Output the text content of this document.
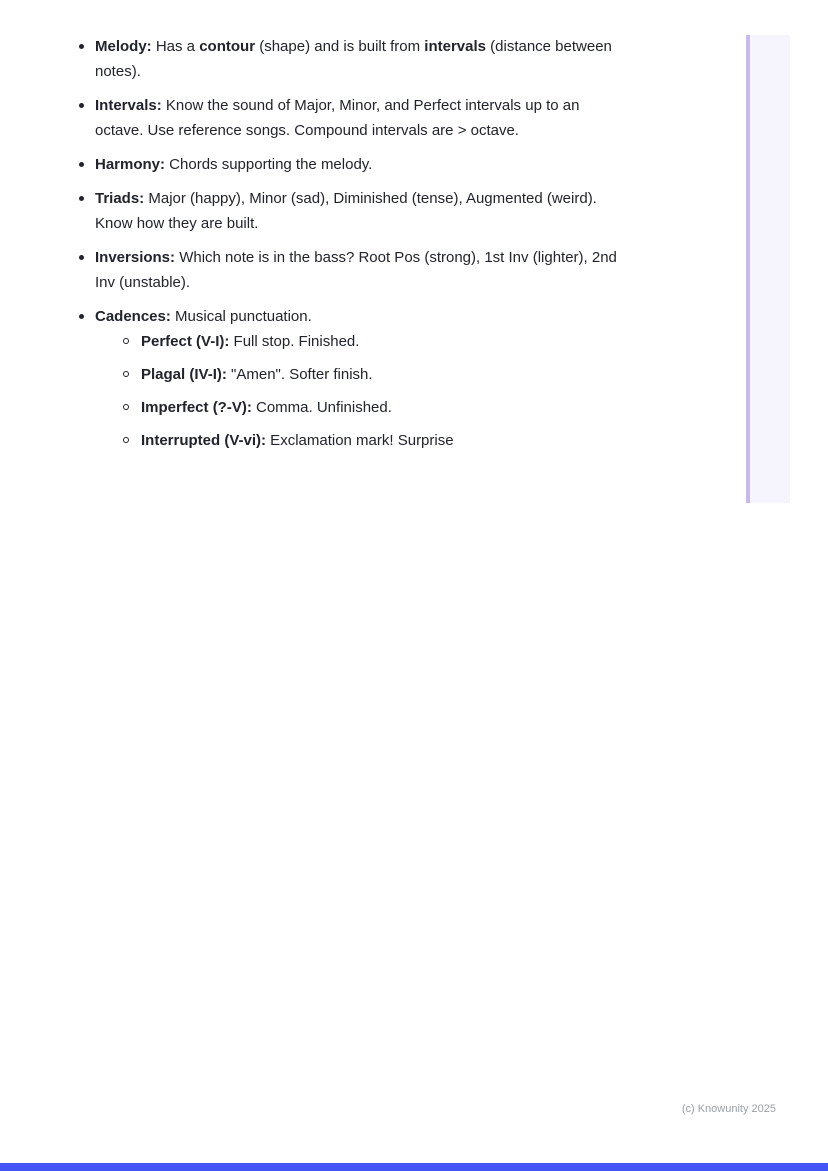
Melody: Has a contour (shape) and is built from intervals (distance between notes).
Intervals: Know the sound of Major, Minor, and Perfect intervals up to an octave. Use reference songs. Compound intervals are > octave.
Harmony: Chords supporting the melody.
Triads: Major (happy), Minor (sad), Diminished (tense), Augmented (weird). Know how they are built.
Inversions: Which note is in the bass? Root Pos (strong), 1st Inv (lighter), 2nd Inv (unstable).
Cadences: Musical punctuation.
Perfect (V-I): Full stop. Finished.
Plagal (IV-I): "Amen". Softer finish.
Imperfect (?-V): Comma. Unfinished.
Interrupted (V-vi): Exclamation mark! Surprise
(c) Knowunity 2025
